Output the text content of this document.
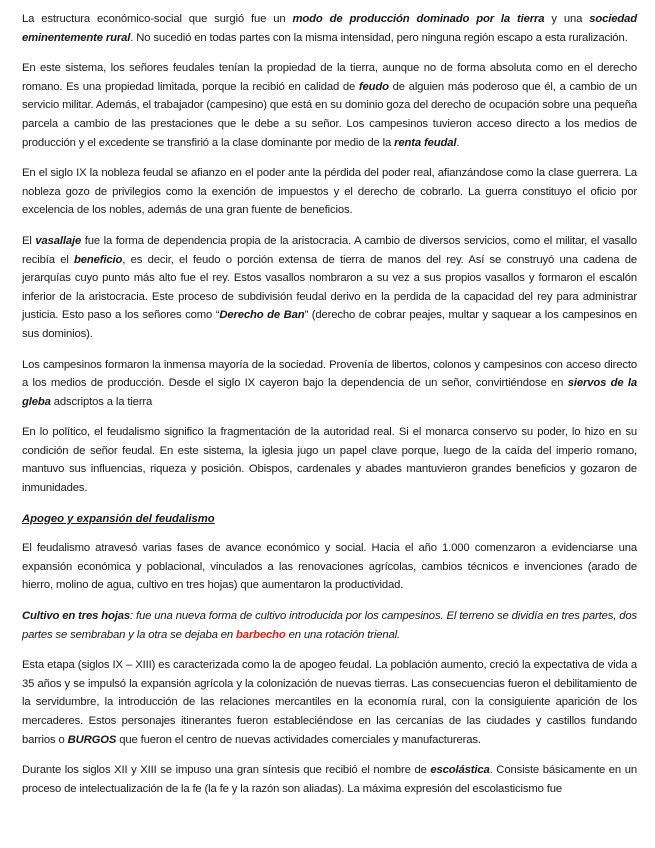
La estructura económico-social que surgió fue un modo de producción dominado por la tierra y una sociedad eminentemente rural. No sucedió en todas partes con la misma intensidad, pero ninguna región escapo a esta ruralización.

En este sistema, los señores feudales tenían la propiedad de la tierra, aunque no de forma absoluta como en el derecho romano. Es una propiedad limitada, porque la recibió en calidad de feudo de alguien más poderoso que él, a cambio de un servicio militar. Además, el trabajador (campesino) que está en su dominio goza del derecho de ocupación sobre una pequeña parcela a cambio de las prestaciones que le debe a su señor. Los campesinos tuvieron acceso directo a los medios de producción y el excedente se transfirió a la clase dominante por medio de la renta feudal.

En el siglo IX la nobleza feudal se afianzo en el poder ante la pérdida del poder real, afianzándose como la clase guerrera. La nobleza gozo de privilegios como la exención de impuestos y el derecho de cobrarlo. La guerra constituyo el oficio por excelencia de los nobles, además de una gran fuente de beneficios.

El vasallaje fue la forma de dependencia propia de la aristocracia. A cambio de diversos servicios, como el militar, el vasallo recibía el beneficio, es decir, el feudo o porción extensa de tierra de manos del rey. Así se construyó una cadena de jerarquías cuyo punto más alto fue el rey. Estos vasallos nombraron a su vez a sus propios vasallos y formaron el escalón inferior de la aristocracia. Este proceso de subdivisión feudal derivo en la perdida de la capacidad del rey para administrar justicia. Esto paso a los señores como “Derecho de Ban” (derecho de cobrar peajes, multar y saquear a los campesinos en sus dominios).

Los campesinos formaron la inmensa mayoría de la sociedad. Provenía de libertos, colonos y campesinos con acceso directo a los medios de producción. Desde el siglo IX cayeron bajo la dependencia de un señor, convirtiéndose en siervos de la gleba adscriptos a la tierra

En lo político, el feudalismo significo la fragmentación de la autoridad real. Si el monarca conservo su poder, lo hizo en su condición de señor feudal. En este sistema, la iglesia jugo un papel clave porque, luego de la caída del imperio romano, mantuvo sus influencias, riqueza y posición. Obispos, cardenales y abades mantuvieron grandes beneficios y gozaron de inmunidades.

Apogeo y expansión del feudalismo

El feudalismo atravesó varias fases de avance económico y social. Hacia el año 1.000 comenzaron a evidenciarse una expansión económica y poblacional, vinculados a las renovaciones agrícolas, cambios técnicos e invenciones (arado de hierro, molino de agua, cultivo en tres hojas) que aumentaron la productividad.

Cultivo en tres hojas: fue una nueva forma de cultivo introducida por los campesinos. El terreno se dividía en tres partes, dos partes se sembraban y la otra se dejaba en barbecho en una rotación trienal.

Esta etapa (siglos IX – XIII) es caracterizada como la de apogeo feudal. La población aumento, creció la expectativa de vida a 35 años y se impulsó la expansión agrícola y la colonización de nuevas tierras. Las consecuencias fueron el debilitamiento de la servidumbre, la introducción de las relaciones mercantiles en la economía rural, con la consiguiente aparición de los mercaderes. Estos personajes itinerantes fueron estableciéndose en las cercanías de las ciudades y castillos fundando barrios o BURGOS que fueron el centro de nuevas actividades comerciales y manufactureras.

Durante los siglos XII y XIII se impuso una gran síntesis que recibió el nombre de escolástica. Consiste básicamente en un proceso de intelectualización de la fe (la fe y la razón son aliadas). La máxima expresión del escolasticismo fue
